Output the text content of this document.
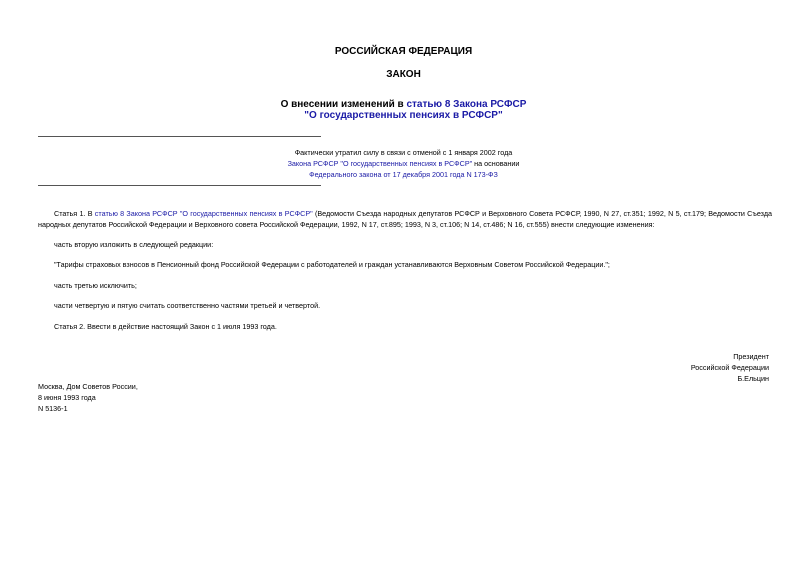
РОССИЙСКАЯ ФЕДЕРАЦИЯ
ЗАКОН
О внесении изменений в статью 8 Закона РСФСР
"О государственных пенсиях в РСФСР"
Фактически утратил силу в связи с отменой с 1 января 2002 года
Закона РСФСР "О государственных пенсиях в РСФСР" на основании
Федерального закона от 17 декабря 2001 года N 173-ФЗ
Статья 1. В статью 8 Закона РСФСР "О государственных пенсиях в РСФСР" (Ведомости Съезда народных депутатов РСФСР и Верховного Совета РСФСР, 1990, N 27, ст.351; 1992, N 5, ст.179; Ведомости Съезда народных депутатов Российской Федерации и Верховного совета Российской Федерации, 1992, N 17, ст.895; 1993, N 3, ст.106; N 14, ст.486; N 16, ст.555) внести следующие изменения:
часть вторую изложить в следующей редакции:
"Тарифы страховых взносов в Пенсионный фонд Российской Федерации с работодателей и граждан устанавливаются Верховным Советом Российской Федерации.";
часть третью исключить;
части четвертую и пятую считать соответственно частями третьей и четвертой.
Статья 2. Ввести в действие настоящий Закон с 1 июля 1993 года.
Президент
Российской Федерации
Б.Ельцин
Москва, Дом Советов России,
8 июня 1993 года
N 5136-1
